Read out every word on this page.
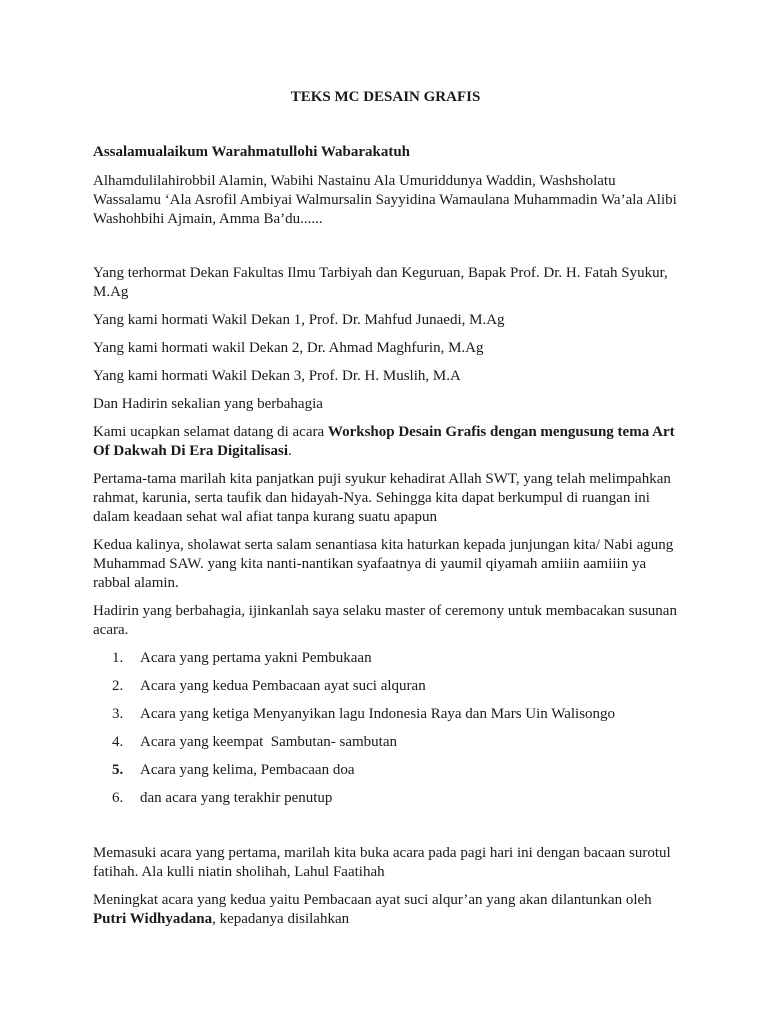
TEKS MC DESAIN GRAFIS
Assalamualaikum Warahmatullohi Wabarakatuh

Alhamdulilahirobbil Alamin, Wabihi Nastainu Ala Umuriddunya Waddin, Washsholatu Wassalamu ‘Ala Asrofil Ambiyai Walmursalin Sayyidina Wamaulana Muhammadin Wa’ala Alibi Washohbihi Ajmain, Amma Ba’du......

Yang terhormat Dekan Fakultas Ilmu Tarbiyah dan Keguruan, Bapak Prof. Dr. H. Fatah Syukur, M.Ag

Yang kami hormati Wakil Dekan 1, Prof. Dr. Mahfud Junaedi, M.Ag

Yang kami hormati wakil Dekan 2, Dr. Ahmad Maghfurin, M.Ag

Yang kami hormati Wakil Dekan 3, Prof. Dr. H. Muslih, M.A

Dan Hadirin sekalian yang berbahagia

Kami ucapkan selamat datang di acara Workshop Desain Grafis dengan mengusung tema Art Of Dakwah Di Era Digitalisasi.

Pertama-tama marilah kita panjatkan puji syukur kehadirat Allah SWT, yang telah melimpahkan rahmat, karunia, serta taufik dan hidayah-Nya. Sehingga kita dapat berkumpul di ruangan ini dalam keadaan sehat wal afiat tanpa kurang suatu apapun

Kedua kalinya, sholawat serta salam senantiasa kita haturkan kepada junjungan kita/ Nabi agung Muhammad SAW. yang kita nanti-nantikan syafaatnya di yaumil qiyamah amiiin aamiiin ya rabbal alamin.

Hadirin yang berbahagia, ijinkanlah saya selaku master of ceremony untuk membacakan susunan acara.

1. Acara yang pertama yakni Pembukaan
2. Acara yang kedua Pembacaan ayat suci alquran
3. Acara yang ketiga Menyanyikan lagu Indonesia Raya dan Mars Uin Walisongo
4. Acara yang keempat  Sambutan- sambutan
5. Acara yang kelima, Pembacaan doa
6. dan acara yang terakhir penutup

Memasuki acara yang pertama, marilah kita buka acara pada pagi hari ini dengan bacaan surotul fatihah. Ala kulli niatin sholihah, Lahul Faatihah

Meningkat acara yang kedua yaitu Pembacaan ayat suci alqur’an yang akan dilantunkan oleh Putri Widhyadana, kepadanya disilahkan
